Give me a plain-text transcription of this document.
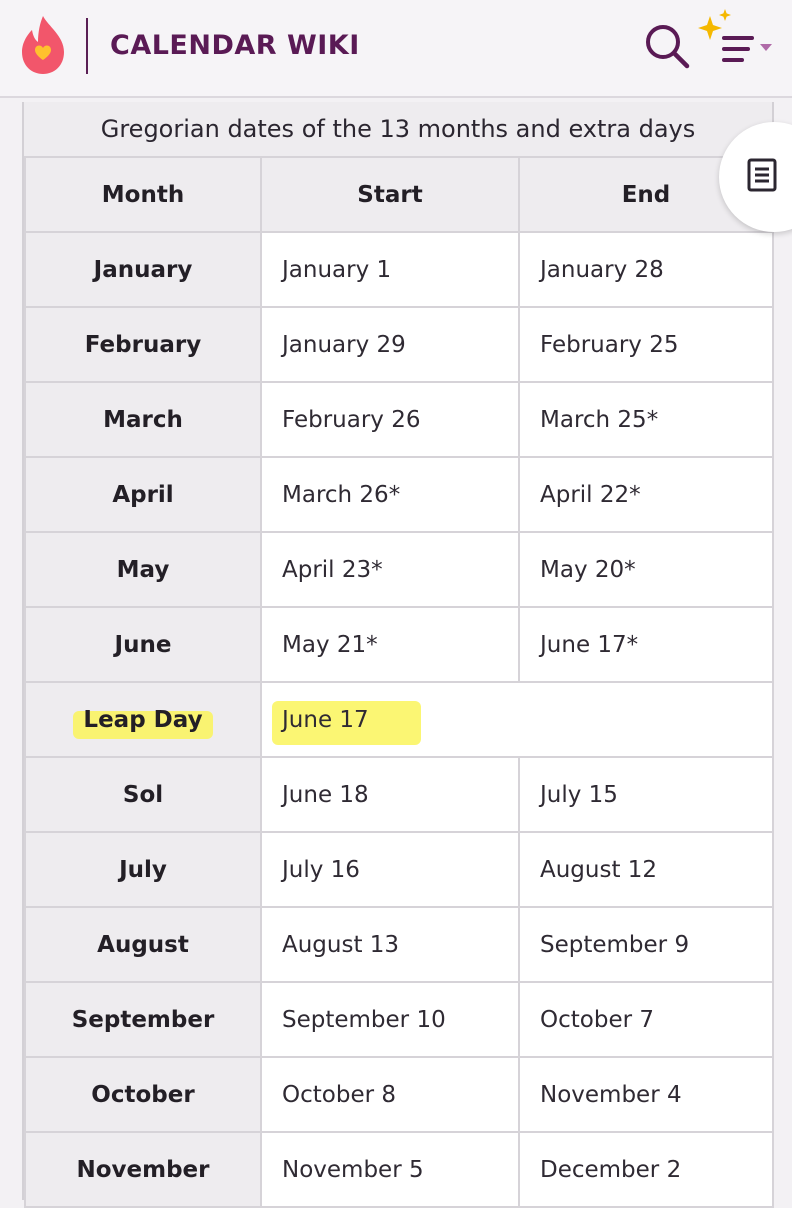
CALENDAR WIKI
Gregorian dates of the 13 months and extra days
Month	Start	End
January	January 1	January 28
February	January 29	February 25
March	February 26	March 25*
April	March 26*	April 22*
May	April 23*	May 20*
June	May 21*	June 17*
Leap Day	June 17	
Sol	June 18	July 15
July	July 16	August 12
August	August 13	September 9
September	September 10	October 7
October	October 8	November 4
November	November 5	December 2
